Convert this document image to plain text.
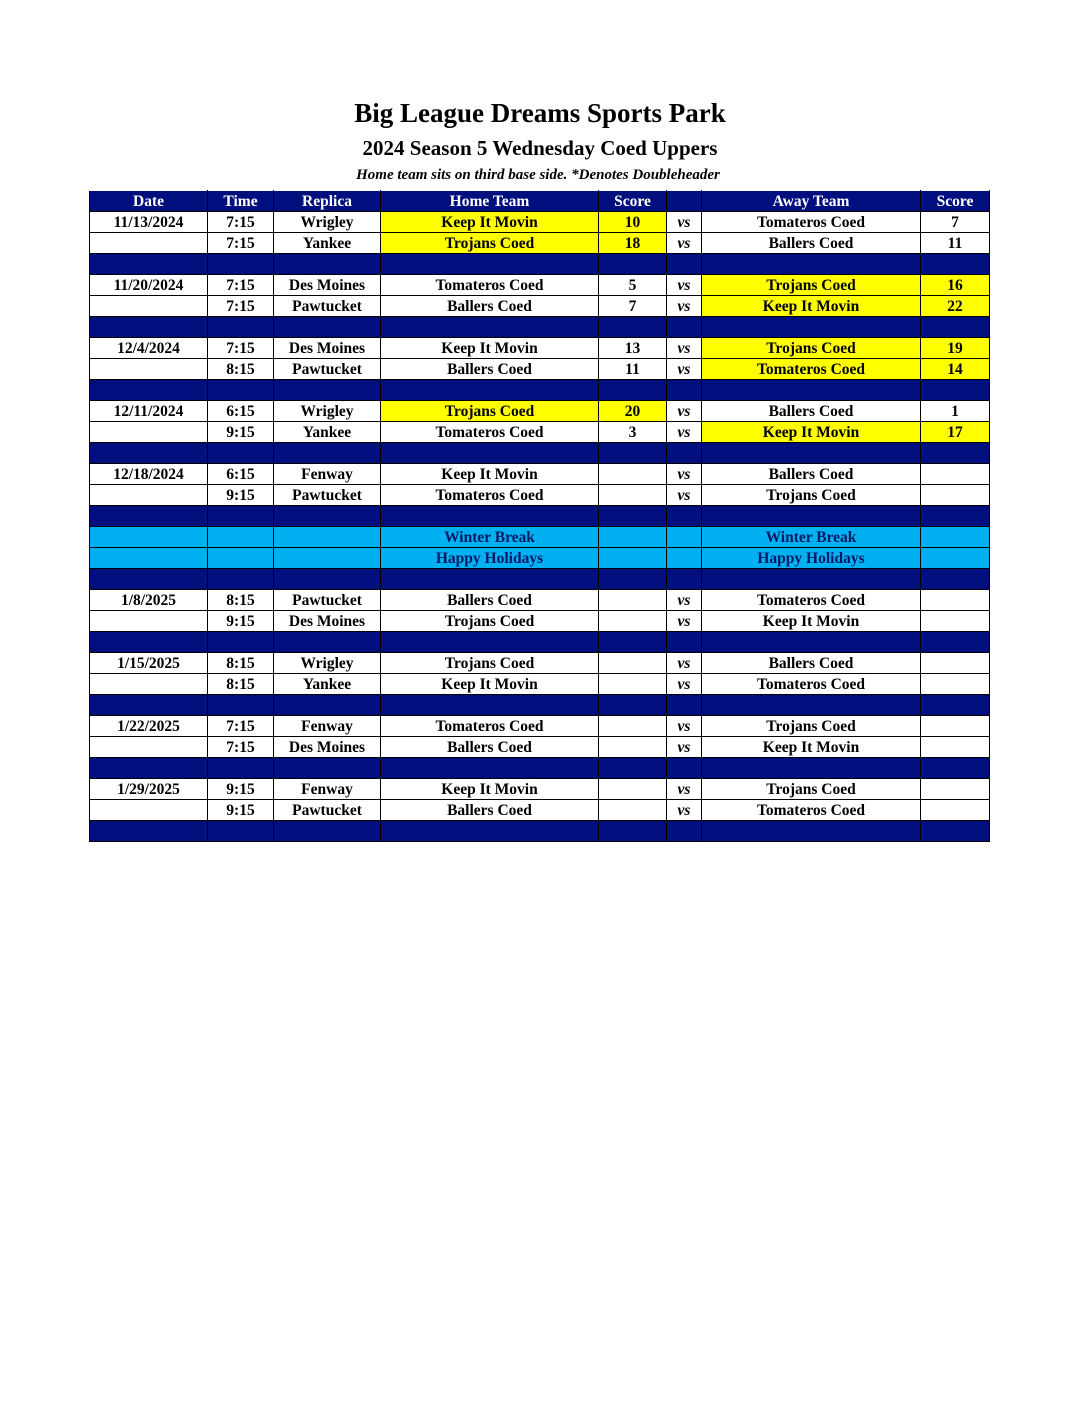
Big League Dreams Sports Park
2024 Season 5 Wednesday Coed Uppers
Home team sits on third base side. *Denotes Doubleheader
Date	Time	Replica	Home Team	Score		Away Team	Score
11/13/2024	7:15	Wrigley	Keep It Movin	10	vs	Tomateros Coed	7
	7:15	Yankee	Trojans Coed	18	vs	Ballers Coed	11

11/20/2024	7:15	Des Moines	Tomateros Coed	5	vs	Trojans Coed	16
	7:15	Pawtucket	Ballers Coed	7	vs	Keep It Movin	22

12/4/2024	7:15	Des Moines	Keep It Movin	13	vs	Trojans Coed	19
	8:15	Pawtucket	Ballers Coed	11	vs	Tomateros Coed	14

12/11/2024	6:15	Wrigley	Trojans Coed	20	vs	Ballers Coed	1
	9:15	Yankee	Tomateros Coed	3	vs	Keep It Movin	17

12/18/2024	6:15	Fenway	Keep It Movin		vs	Ballers Coed	
	9:15	Pawtucket	Tomateros Coed		vs	Trojans Coed	

			Winter Break			Winter Break	
			Happy Holidays			Happy Holidays	

1/8/2025	8:15	Pawtucket	Ballers Coed		vs	Tomateros Coed	
	9:15	Des Moines	Trojans Coed		vs	Keep It Movin	

1/15/2025	8:15	Wrigley	Trojans Coed		vs	Ballers Coed	
	8:15	Yankee	Keep It Movin		vs	Tomateros Coed	

1/22/2025	7:15	Fenway	Tomateros Coed		vs	Trojans Coed	
	7:15	Des Moines	Ballers Coed		vs	Keep It Movin	

1/29/2025	9:15	Fenway	Keep It Movin		vs	Trojans Coed	
	9:15	Pawtucket	Ballers Coed		vs	Tomateros Coed	
